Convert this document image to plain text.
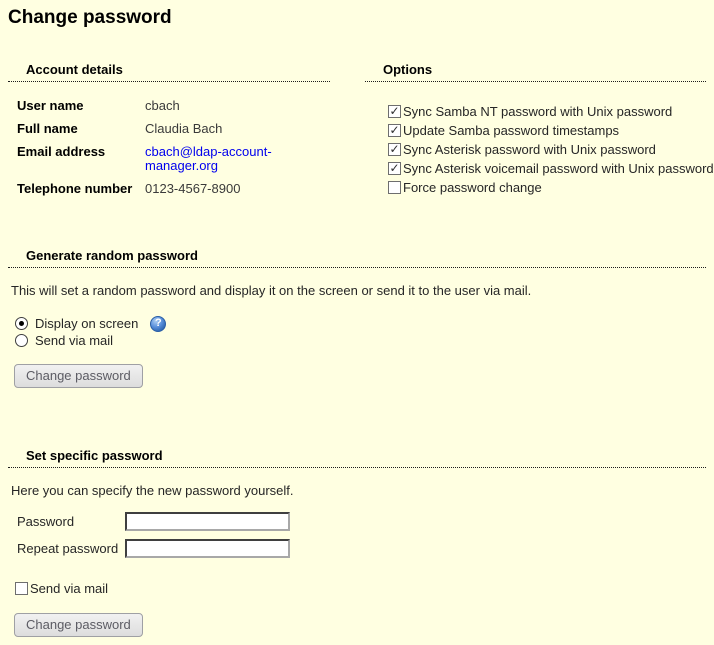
Change password
Account details
User name	cbach
Full name	Claudia Bach
Email address	cbach@ldap-account-manager.org
Telephone number 0123-4567-8900
Options
✓
Sync Samba NT password with Unix password
✓
Update Samba password timestamps
✓
Sync Asterisk password with Unix password
✓
Sync Asterisk voicemail password with Unix password
Force password change
Generate random password
This will set a random password and display it on the screen or send it to the user via mail.
Display on screen	?
Send via mail
Change password
Set specific password
Here you can specify the new password yourself.
Password
Repeat password
Send via mail
Change password
